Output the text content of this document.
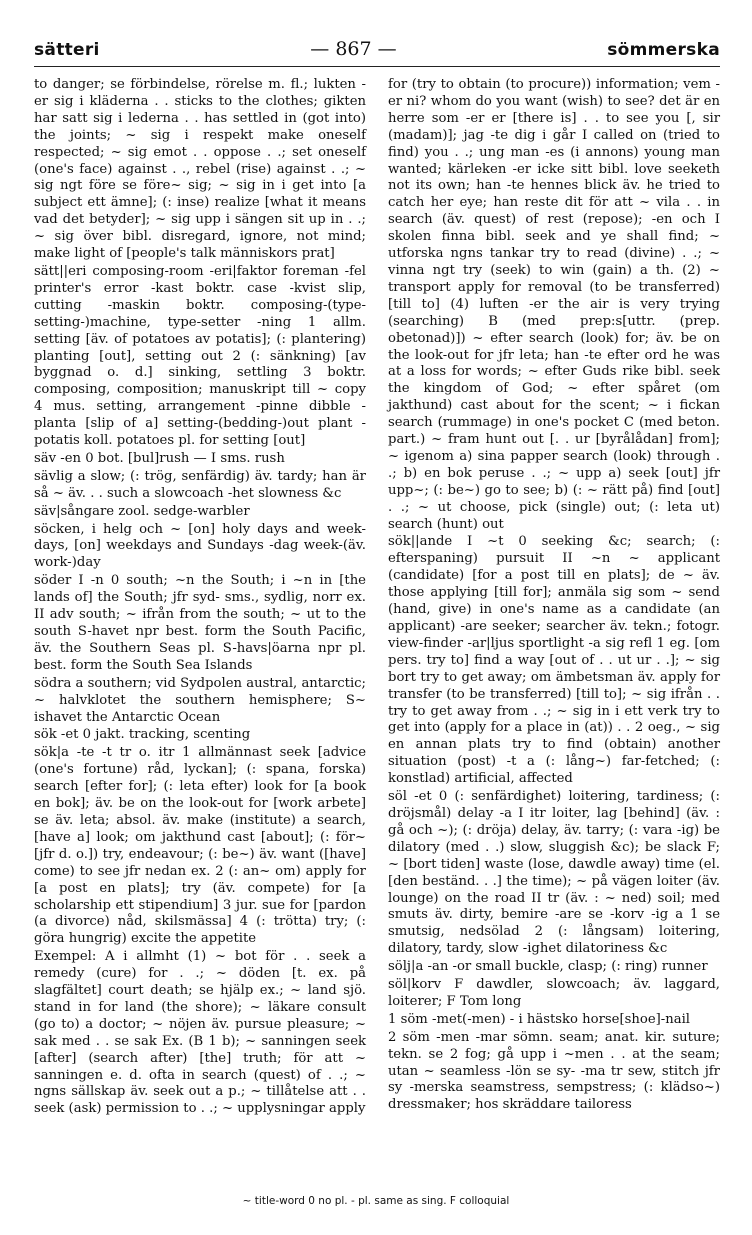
sätteri	— 867 —	sömmerska

to danger; se förbindelse, rörelse m. fl.; lukten -er sig i kläderna . . sticks to the clothes; gikten har satt sig i lederna . . has settled in (got into) the joints; ~ sig i respekt make oneself respected; ~ sig emot . . oppose . .; set oneself (one's face) against . ., rebel (rise) against . .; ~ sig ngt före se före~ sig; ~ sig in i get into [a subject ett ämne]; (: inse) realize [what it means vad det betyder]; ~ sig upp i sängen sit up in . .; ~ sig över bibl. disregard, ignore, not mind; make light of [people's talk människors prat]

sätt||eri composing-room -eri|faktor foreman -fel printer's error -kast boktr. case -kvist slip, cutting -maskin boktr. composing-(type-setting-)machine, type-setter -ning 1 allm. setting [äv. of potatoes av potatis]; (: plantering) planting [out], setting out 2 (: sänkning) [av byggnad o. d.] sinking, settling 3 boktr. composing, composition; manuskript till ~ copy 4 mus. setting, arrangement -pinne dibble -planta [slip of a] setting-(bedding-)out plant -potatis koll. potatoes pl. for setting [out]

säv -en 0 bot. [bul]rush — I sms. rush

sävlig a slow; (: trög, senfärdig) äv. tardy; han är så ~ äv. . . such a slowcoach -het slowness &c

säv|sångare zool. sedge-warbler

söcken, i helg och ~ [on] holy days and week-days, [on] weekdays and Sundays -dag week-(äv. work-)day

söder I -n 0 south; ~n the South; i ~n in [the lands of] the South; jfr syd- sms., sydlig, norr ex. II adv south; ~ ifrån from the south; ~ ut to the south S-havet npr best. form the South Pacific, äv. the Southern Seas pl. S-havs|öarna npr pl. best. form the South Sea Islands

södra a southern; vid Sydpolen austral, antarctic; ~ halvklotet the southern hemisphere; S~ ishavet the Antarctic Ocean

sök -et 0 jakt. tracking, scenting

sök|a -te -t tr o. itr 1 allmännast seek [advice (one's fortune) råd, lyckan]; (: spana, forska) search [efter for]; (: leta efter) look for [a book en bok]; äv. be on the look-out for [work arbete] se äv. leta; absol. äv. make (institute) a search, [have a] look; om jakthund cast [about]; (: för~ [jfr d. o.]) try, endeavour; (: be~) äv. want ([have] come) to see jfr nedan ex. 2 (: an~ om) apply for [a post en plats]; try (äv. compete) for [a scholarship ett stipendium] 3 jur. sue for [pardon (a divorce) nåd, skilsmässa] 4 (: trötta) try; (: göra hungrig) excite the appetite

Exempel: A i allmht (1) ~ bot för . . seek a remedy (cure) for . .; ~ döden [t. ex. på slagfältet] court death; se hjälp ex.; ~ land sjö. stand in for land (the shore); ~ läkare consult (go to) a doctor; ~ nöjen äv. pursue pleasure; ~ sak med . . se sak Ex. (B 1 b); ~ sanningen seek [after] (search after) [the] truth; för att ~ sanningen e. d. ofta in search (quest) of . .; ~ ngns sällskap äv. seek out a p.; ~ tillåtelse att . . seek (ask) permission to . .; ~ upplysningar apply

for (try to obtain (to procure)) information; vem -er ni? whom do you want (wish) to see? det är en herre som -er er [there is] . . to see you [, sir (madam)]; jag -te dig i går I called on (tried to find) you . .; ung man -es (i annons) young man wanted; kärleken -er icke sitt bibl. love seeketh not its own; han -te hennes blick äv. he tried to catch her eye; han reste dit för att ~ vila . . in search (äv. quest) of rest (repose); -en och I skolen finna bibl. seek and ye shall find; ~ utforska ngns tankar try to read (divine) . .; ~ vinna ngt try (seek) to win (gain) a th. (2) ~ transport apply for removal (to be transferred) [till to] (4) luften -er the air is very trying (searching) B (med prep:s[uttr. (prep. obetonad)]) ~ efter search (look) for; äv. be on the look-out for jfr leta; han -te efter ord he was at a loss for words; ~ efter Guds rike bibl. seek the kingdom of God; ~ efter spåret (om jakthund) cast about for the scent; ~ i fickan search (rummage) in one's pocket C (med beton. part.) ~ fram hunt out [. . ur [byrålådan] from]; ~ igenom a) sina papper search (look) through . .; b) en bok peruse . .; ~ upp a) seek [out] jfr upp~; (: be~) go to see; b) (: ~ rätt på) find [out] . .; ~ ut choose, pick (single) out; (: leta ut) search (hunt) out

sök||ande I ~t 0 seeking &c; search; (: efterspaning) pursuit II ~n ~ applicant (candidate) [for a post till en plats]; de ~ äv. those applying [till for]; anmäla sig som ~ send (hand, give) in one's name as a candidate (an applicant) -are seeker; searcher äv. tekn.; fotogr. view-finder -ar|ljus sportlight -a sig refl 1 eg. [om pers. try to] find a way [out of . . ut ur . .]; ~ sig bort try to get away; om ämbetsman äv. apply for transfer (to be transferred) [till to]; ~ sig ifrån . . try to get away from . .; ~ sig in i ett verk try to get into (apply for a place in (at)) . . 2 oeg., ~ sig en annan plats try to find (obtain) another situation (post) -t a (: lång~) far-fetched; (: konstlad) artificial, affected

söl -et 0 (: senfärdighet) loitering, tardiness; (: dröjsmål) delay -a I itr loiter, lag [behind] (äv. : gå och ~); (: dröja) delay, äv. tarry; (: vara -ig) be dilatory (med . .) slow, sluggish &c); be slack F; ~ [bort tiden] waste (lose, dawdle away) time (el. [den beständ. . .] the time); ~ på vägen loiter (äv. lounge) on the road II tr (äv. : ~ ned) soil; med smuts äv. dirty, bemire -are se -korv -ig a 1 se smutsig, nedsölad 2 (: långsam) loitering, dilatory, tardy, slow -ighet dilatoriness &c

sölj|a -an -or small buckle, clasp; (: ring) runner

söl|korv F dawdler, slowcoach; äv. laggard, loiterer; F Tom long

1 söm -met(-men) - i hästsko horse[shoe]-nail

2 söm -men -mar sömn. seam; anat. kir. suture; tekn. se 2 fog; gå upp i ~men . . at the seam; utan ~ seamless -lön se sy- -ma tr sew, stitch jfr sy -merska seamstress, sempstress; (: klädso~) dressmaker; hos skräddare tailoress

~ title-word 0 no pl. - pl. same as sing. F colloquial
